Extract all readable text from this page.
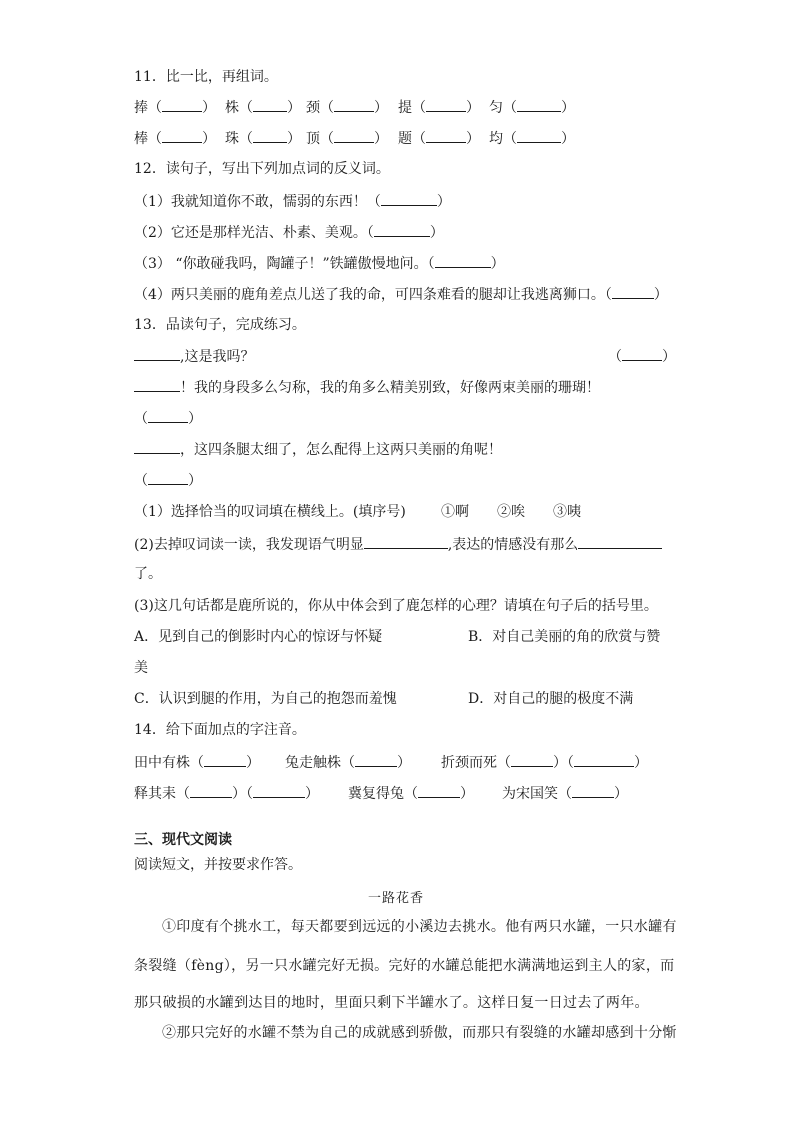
11．比一比，再组词。
捧（	） 株（ ） 颈（	） 提（	） 匀（	）
棒（	） 珠（ ） 顶（	） 题（	） 均（	）
12．读句子，写出下列加点词的反义词。
（1）我就知道你不敢，懦弱的东西！（	）
（2）它还是那样光洁、朴素、美观。（	）
（3） “你敢碰我吗，陶罐子！”铁罐傲慢地问。（	）
（4）两只美丽的鹿角差点儿送了我的命，可四条难看的腿却让我逃离狮口。（	）
13．品读句子，完成练习。
,这是我吗？	（	）
！我的身段多么匀称，我的角多么精美别致，好像两束美丽的珊瑚！
（	）
，这四条腿太细了，怎么配得上这两只美丽的角呢！
（	）
（1）选择恰当的叹词填在横线上。(填序号)	①啊 ②唉 ③咦
(2)去掉叹词读一读，我发现语气明显	,表达的情感没有那么
了。
(3)这几句话都是鹿所说的，你从中体会到了鹿怎样的心理？请填在句子后的括号里。
A．见到自己的倒影时内心的惊讶与怀疑	B．对自己美丽的角的欣赏与赞
美
C．认识到腿的作用，为自己的抱怨而羞愧	D．对自己的腿的极度不满
14．给下面加点的字注音。
田中有株（	） 兔走触株（	） 折颈而死（	）（	）
释其耒（	）（	） 冀复得兔（	） 为宋国笑（	）
三、现代文阅读
阅读短文，并按要求作答。
一路花香
①印度有个挑水工，每天都要到远远的小溪边去挑水。他有两只水罐，一只水罐有
条裂缝（fèng），另一只水罐完好无损。完好的水罐总能把水满满地运到主人的家，而
那只破损的水罐到达目的地时，里面只剩下半罐水了。这样日复一日过去了两年。
②那只完好的水罐不禁为自己的成就感到骄傲，而那只有裂缝的水罐却感到十分惭
